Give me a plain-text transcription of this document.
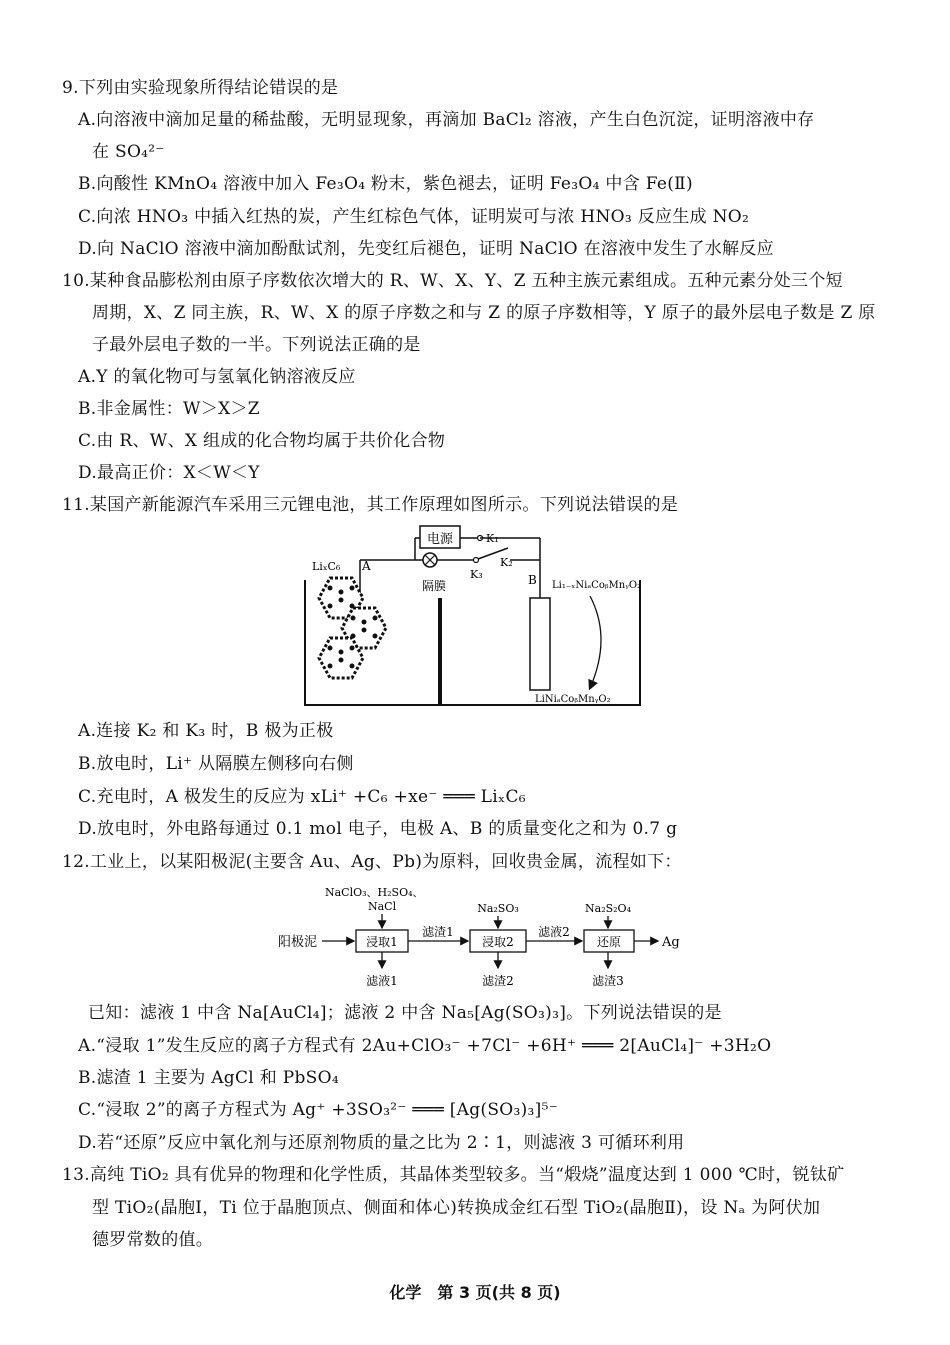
9.下列由实验现象所得结论错误的是
A.向溶液中滴加足量的稀盐酸，无明显现象，再滴加 BaCl₂ 溶液，产生白色沉淀，证明溶液中存
在 SO₄²⁻
B.向酸性 KMnO₄ 溶液中加入 Fe₃O₄ 粉末，紫色褪去，证明 Fe₃O₄ 中含 Fe(Ⅱ)
C.向浓 HNO₃ 中插入红热的炭，产生红棕色气体，证明炭可与浓 HNO₃ 反应生成 NO₂
D.向 NaClO 溶液中滴加酚酞试剂，先变红后褪色，证明 NaClO 在溶液中发生了水解反应
10.某种食品膨松剂由原子序数依次增大的 R、W、X、Y、Z 五种主族元素组成。五种元素分处三个短
周期，X、Z 同主族，R、W、X 的原子序数之和与 Z 的原子序数相等，Y 原子的最外层电子数是 Z 原
子最外层电子数的一半。下列说法正确的是
A.Y 的氧化物可与氢氧化钠溶液反应
B.非金属性：W＞X＞Z
C.由 R、W、X 组成的化合物均属于共价化合物
D.最高正价：X＜W＜Y
11.某国产新能源汽车采用三元锂电池，其工作原理如图所示。下列说法错误的是
电源	K₁
K₃
K₂
LiₓC₆ A
隔膜	B Li₁₋ₓNiₐCoᵦMnᵧO₂
LiNiₐCoᵦMnᵧO₂
A.连接 K₂ 和 K₃ 时，B 极为正极
B.放电时，Li⁺ 从隔膜左侧移向右侧
C.充电时，A 极发生的反应为 xLi⁺ +C₆ +xe⁻ ═══ LiₓC₆
D.放电时，外电路每通过 0.1 mol 电子，电极 A、B 的质量变化之和为 0.7 g
12.工业上，以某阳极泥(主要含 Au、Ag、Pb)为原料，回收贵金属，流程如下：
阳极泥
NaClO₃、H₂SO₄、
NaCl
浸取1
滤液1
滤渣1
Na₂SO₃
浸取2
滤渣2
滤液2
Na₂S₂O₄
还原
滤渣3
Ag
已知：滤液 1 中含 Na[AuCl₄]；滤液 2 中含 Na₅[Ag(SO₃)₃]。下列说法错误的是
A.“浸取 1”发生反应的离子方程式有 2Au+ClO₃⁻ +7Cl⁻ +6H⁺ ═══ 2[AuCl₄]⁻ +3H₂O
B.滤渣 1 主要为 AgCl 和 PbSO₄
C.“浸取 2”的离子方程式为 Ag⁺ +3SO₃²⁻ ═══ [Ag(SO₃)₃]⁵⁻
D.若“还原”反应中氧化剂与还原剂物质的量之比为 2∶1，则滤液 3 可循环利用
13.高纯 TiO₂ 具有优异的物理和化学性质，其晶体类型较多。当“煅烧”温度达到 1 000 ℃时，锐钛矿
型 TiO₂(晶胞Ⅰ，Ti 位于晶胞顶点、侧面和体心)转换成金红石型 TiO₂(晶胞Ⅱ)，设 Nₐ 为阿伏加
德罗常数的值。
化学　第 3 页(共 8 页)
